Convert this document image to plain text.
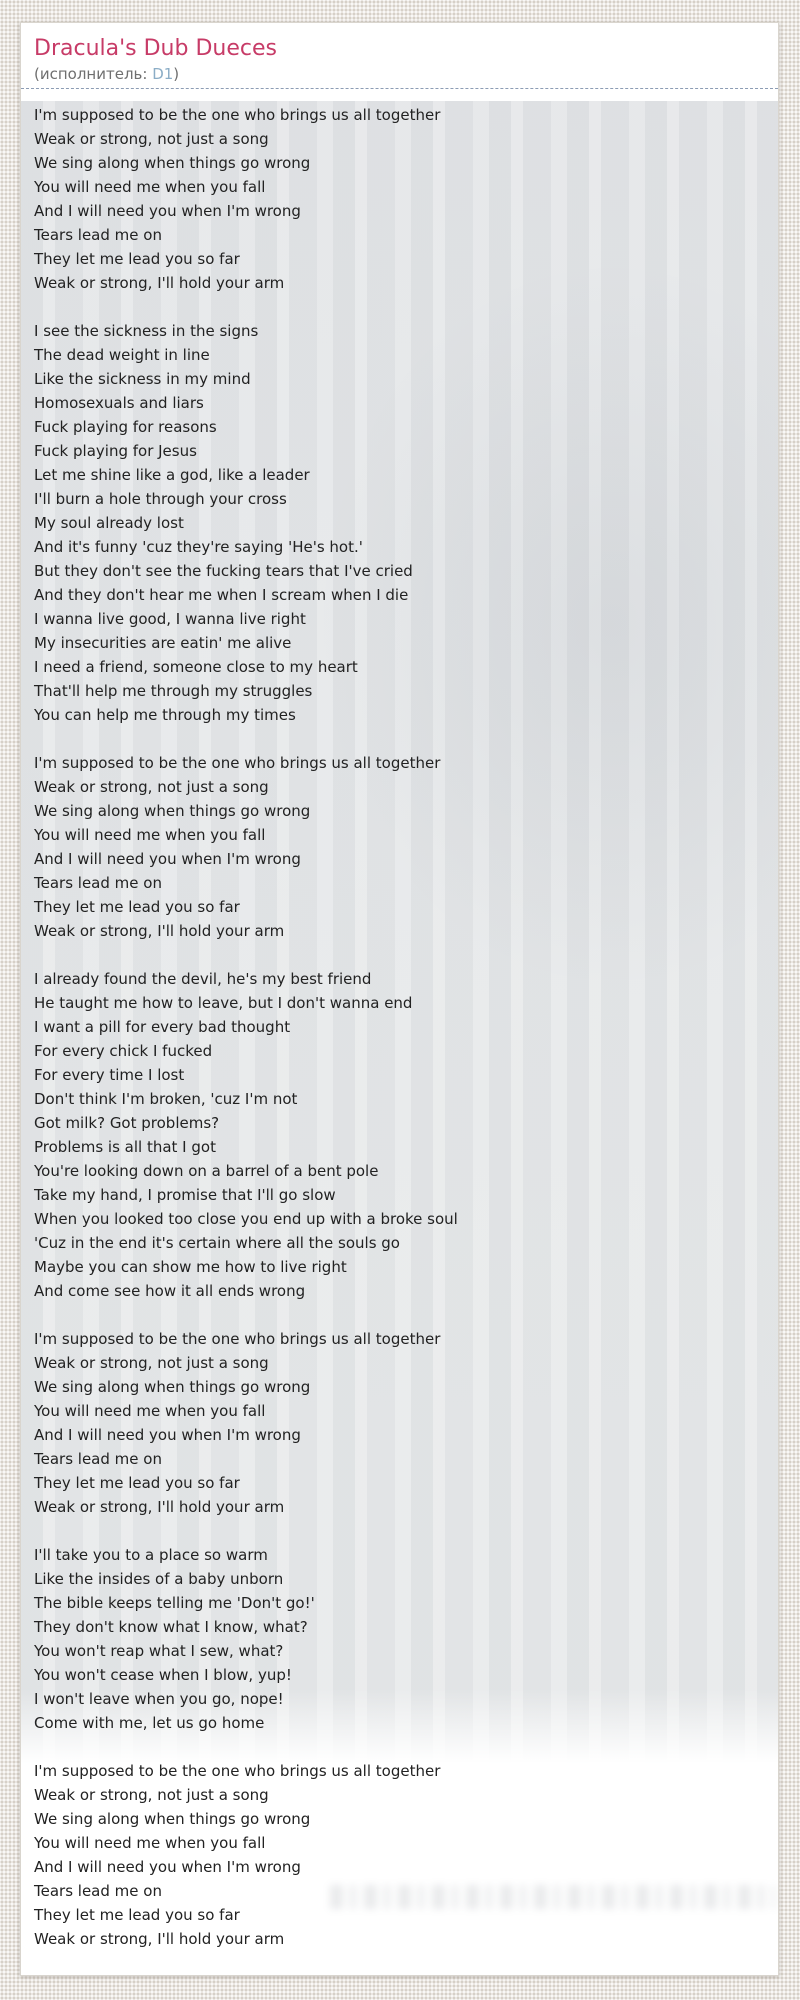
Dracula's Dub Dueces
(исполнитель: D1)
I'm supposed to be the one who brings us all together
Weak or strong, not just a song
We sing along when things go wrong
You will need me when you fall
And I will need you when I'm wrong
Tears lead me on
They let me lead you so far
Weak or strong, I'll hold your arm
I see the sickness in the signs
The dead weight in line
Like the sickness in my mind
Homosexuals and liars
Fuck playing for reasons
Fuck playing for Jesus
Let me shine like a god, like a leader
I'll burn a hole through your cross
My soul already lost
And it's funny 'cuz they're saying 'He's hot.'
But they don't see the fucking tears that I've cried
And they don't hear me when I scream when I die
I wanna live good, I wanna live right
My insecurities are eatin' me alive
I need a friend, someone close to my heart
That'll help me through my struggles
You can help me through my times
I'm supposed to be the one who brings us all together
Weak or strong, not just a song
We sing along when things go wrong
You will need me when you fall
And I will need you when I'm wrong
Tears lead me on
They let me lead you so far
Weak or strong, I'll hold your arm
I already found the devil, he's my best friend
He taught me how to leave, but I don't wanna end
I want a pill for every bad thought
For every chick I fucked
For every time I lost
Don't think I'm broken, 'cuz I'm not
Got milk? Got problems?
Problems is all that I got
You're looking down on a barrel of a bent pole
Take my hand, I promise that I'll go slow
When you looked too close you end up with a broke soul
'Cuz in the end it's certain where all the souls go
Maybe you can show me how to live right
And come see how it all ends wrong
I'm supposed to be the one who brings us all together
Weak or strong, not just a song
We sing along when things go wrong
You will need me when you fall
And I will need you when I'm wrong
Tears lead me on
They let me lead you so far
Weak or strong, I'll hold your arm
I'll take you to a place so warm
Like the insides of a baby unborn
The bible keeps telling me 'Don't go!'
They don't know what I know, what?
You won't reap what I sew, what?
You won't cease when I blow, yup!
I won't leave when you go, nope!
Come with me, let us go home
I'm supposed to be the one who brings us all together
Weak or strong, not just a song
We sing along when things go wrong
You will need me when you fall
And I will need you when I'm wrong
Tears lead me on
They let me lead you so far
Weak or strong, I'll hold your arm
